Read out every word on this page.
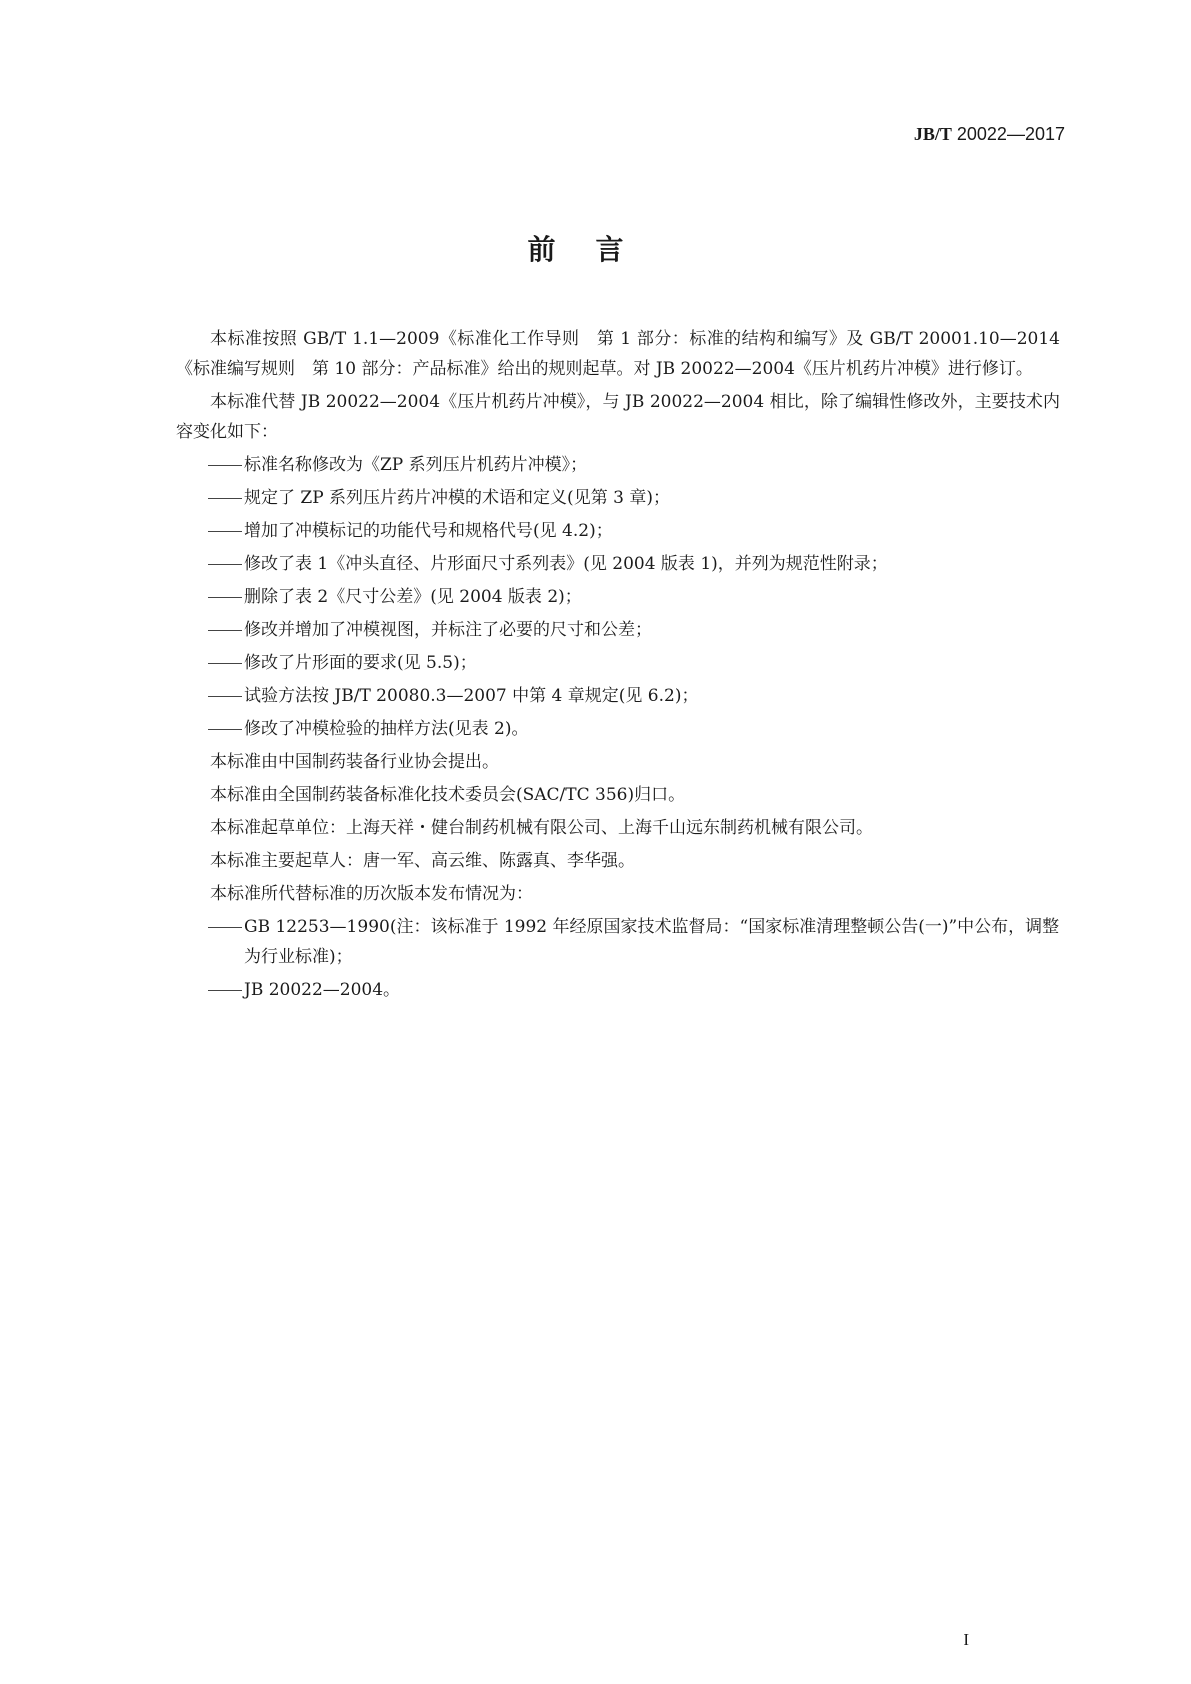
JB/T 20022—2017
前言

本标准按照 GB/T 1.1—2009《标准化工作导则　第 1 部分：标准的结构和编写》及 GB/T 20001.10—2014《标准编写规则　第 10 部分：产品标准》给出的规则起草。对 JB 20022—2004《压片机药片冲模》进行修订。

本标准代替 JB 20022—2004《压片机药片冲模》，与 JB 20022—2004 相比，除了编辑性修改外，主要技术内容变化如下：

标准名称修改为《ZP 系列压片机药片冲模》；
规定了 ZP 系列压片药片冲模的术语和定义(见第 3 章)；
增加了冲模标记的功能代号和规格代号(见 4.2)；
修改了表 1《冲头直径、片形面尺寸系列表》(见 2004 版表 1)，并列为规范性附录；
删除了表 2《尺寸公差》(见 2004 版表 2)；
修改并增加了冲模视图，并标注了必要的尺寸和公差；
修改了片形面的要求(见 5.5)；
试验方法按 JB/T 20080.3—2007 中第 4 章规定(见 6.2)；
修改了冲模检验的抽样方法(见表 2)。

本标准由中国制药装备行业协会提出。

本标准由全国制药装备标准化技术委员会(SAC/TC 356)归口。

本标准起草单位：上海天祥・健台制药机械有限公司、上海千山远东制药机械有限公司。

本标准主要起草人：唐一军、高云维、陈露真、李华强。

本标准所代替标准的历次版本发布情况为：

GB 12253—1990(注：该标准于 1992 年经原国家技术监督局：“国家标准清理整顿公告(一)”中公布，调整为行业标准)；
JB 20022—2004。
I
